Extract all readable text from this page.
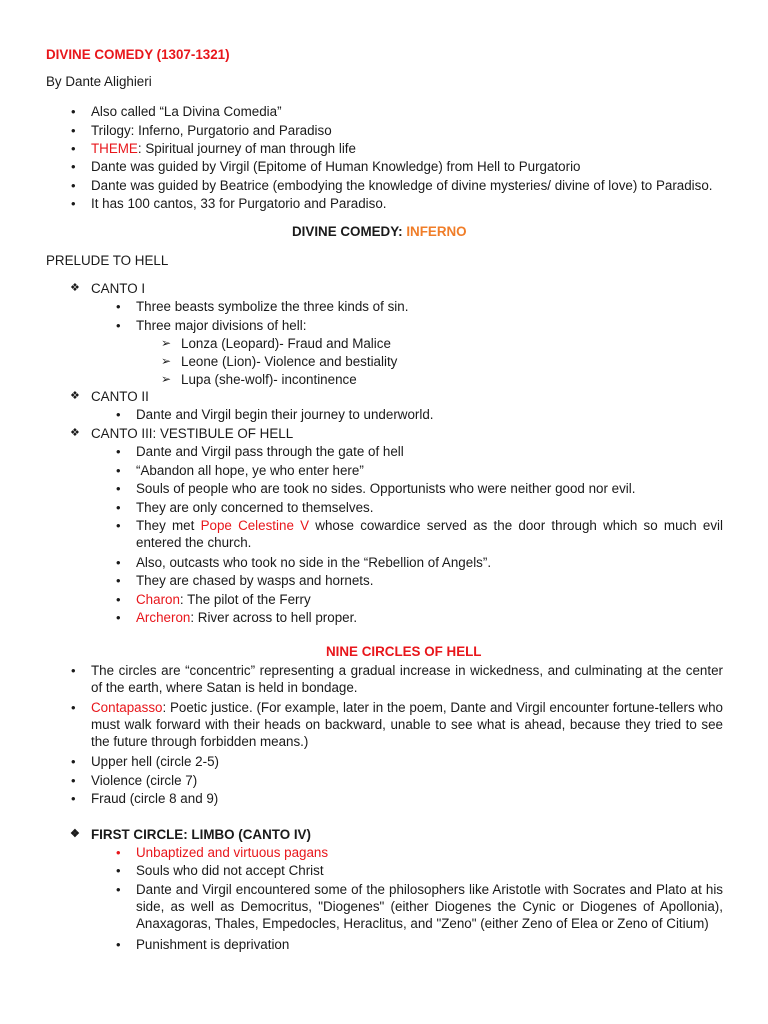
DIVINE COMEDY (1307-1321)
By Dante Alighieri
• Also called “La Divina Comedia”
• Trilogy: Inferno, Purgatorio and Paradiso
• THEME: Spiritual journey of man through life
• Dante was guided by Virgil (Epitome of Human Knowledge) from Hell to Purgatorio
• Dante was guided by Beatrice (embodying the knowledge of divine mysteries/ divine of love) to Paradiso.
• It has 100 cantos, 33 for Purgatorio and Paradiso.
DIVINE COMEDY: INFERNO
PRELUDE TO HELL
❖ CANTO I
• Three beasts symbolize the three kinds of sin.
• Three major divisions of hell:
➢ Lonza (Leopard)- Fraud and Malice
➢ Leone (Lion)- Violence and bestiality
➢ Lupa (she-wolf)- incontinence
❖ CANTO II
• Dante and Virgil begin their journey to underworld.
❖ CANTO III: VESTIBULE OF HELL
• Dante and Virgil pass through the gate of hell
• “Abandon all hope, ye who enter here”
• Souls of people who are took no sides. Opportunists who were neither good nor evil.
• They are only concerned to themselves.
• They met Pope Celestine V whose cowardice served as the door through which so much evil entered the church.
• Also, outcasts who took no side in the “Rebellion of Angels”.
• They are chased by wasps and hornets.
• Charon: The pilot of the Ferry
• Archeron: River across to hell proper.
NINE CIRCLES OF HELL
• The circles are “concentric” representing a gradual increase in wickedness, and culminating at the center of the earth, where Satan is held in bondage.
• Contapasso: Poetic justice. (For example, later in the poem, Dante and Virgil encounter fortune-tellers who must walk forward with their heads on backward, unable to see what is ahead, because they tried to see the future through forbidden means.)
• Upper hell (circle 2-5)
• Violence (circle 7)
• Fraud (circle 8 and 9)
❖ FIRST CIRCLE: LIMBO (CANTO IV)
• Unbaptized and virtuous pagans
• Souls who did not accept Christ
• Dante and Virgil encountered some of the philosophers like Aristotle with Socrates and Plato at his side, as well as Democritus, "Diogenes" (either Diogenes the Cynic or Diogenes of Apollonia), Anaxagoras, Thales, Empedocles, Heraclitus, and "Zeno" (either Zeno of Elea or Zeno of Citium)
• Punishment is deprivation
